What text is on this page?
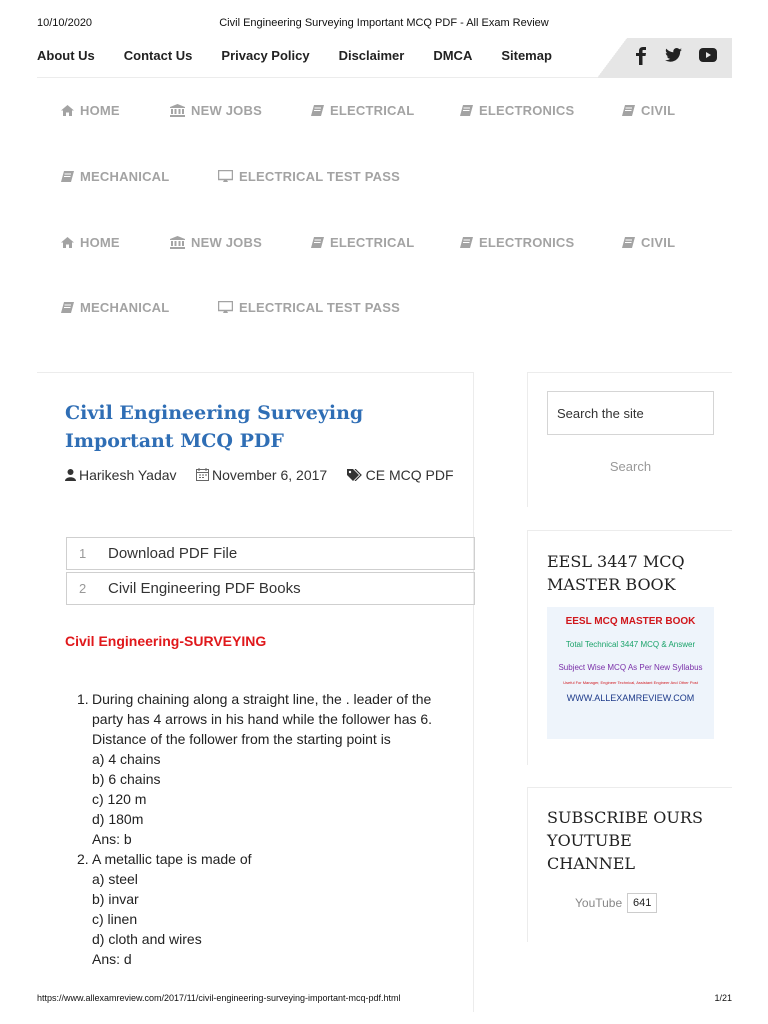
10/10/2020	Civil Engineering Surveying Important MCQ PDF - All Exam Review
About Us Contact Us Privacy Policy Disclaimer DMCA Sitemap
HOME	NEW JOBS	ELECTRICAL	ELECTRONICS	CIVIL
MECHANICAL	ELECTRICAL TEST PASS
HOME	NEW JOBS	ELECTRICAL	ELECTRONICS	CIVIL
MECHANICAL	ELECTRICAL TEST PASS
Civil Engineering Surveying Important MCQ PDF
Harikesh Yadav	November 6, 2017	CE MCQ PDF
1	Download PDF File
2	Civil Engineering PDF Books
Civil Engineering-SURVEYING
1. During chaining along a straight line, the . leader of the party has 4 arrows in his hand while the follower has 6. Distance of the follower from the starting point is
a) 4 chains
b) 6 chains
c) 120 m
d) 180m
Ans: b
2. A metallic tape is made of
a) steel
b) invar
c) linen
d) cloth and wires
Ans: d
Search the site
Search
EESL 3447 MCQ MASTER BOOK
EESL MCQ MASTER BOOK
Total Technical 3447 MCQ & Answer
Subject Wise MCQ As Per New Syllabus
Useful For Manager, Engineer Technical, Assistant Engineer And Other Post
WWW.ALLEXAMREVIEW.COM
SUBSCRIBE OURS YOUTUBE CHANNEL
YouTube 641
https://www.allexamreview.com/2017/11/civil-engineering-surveying-important-mcq-pdf.html	1/21
